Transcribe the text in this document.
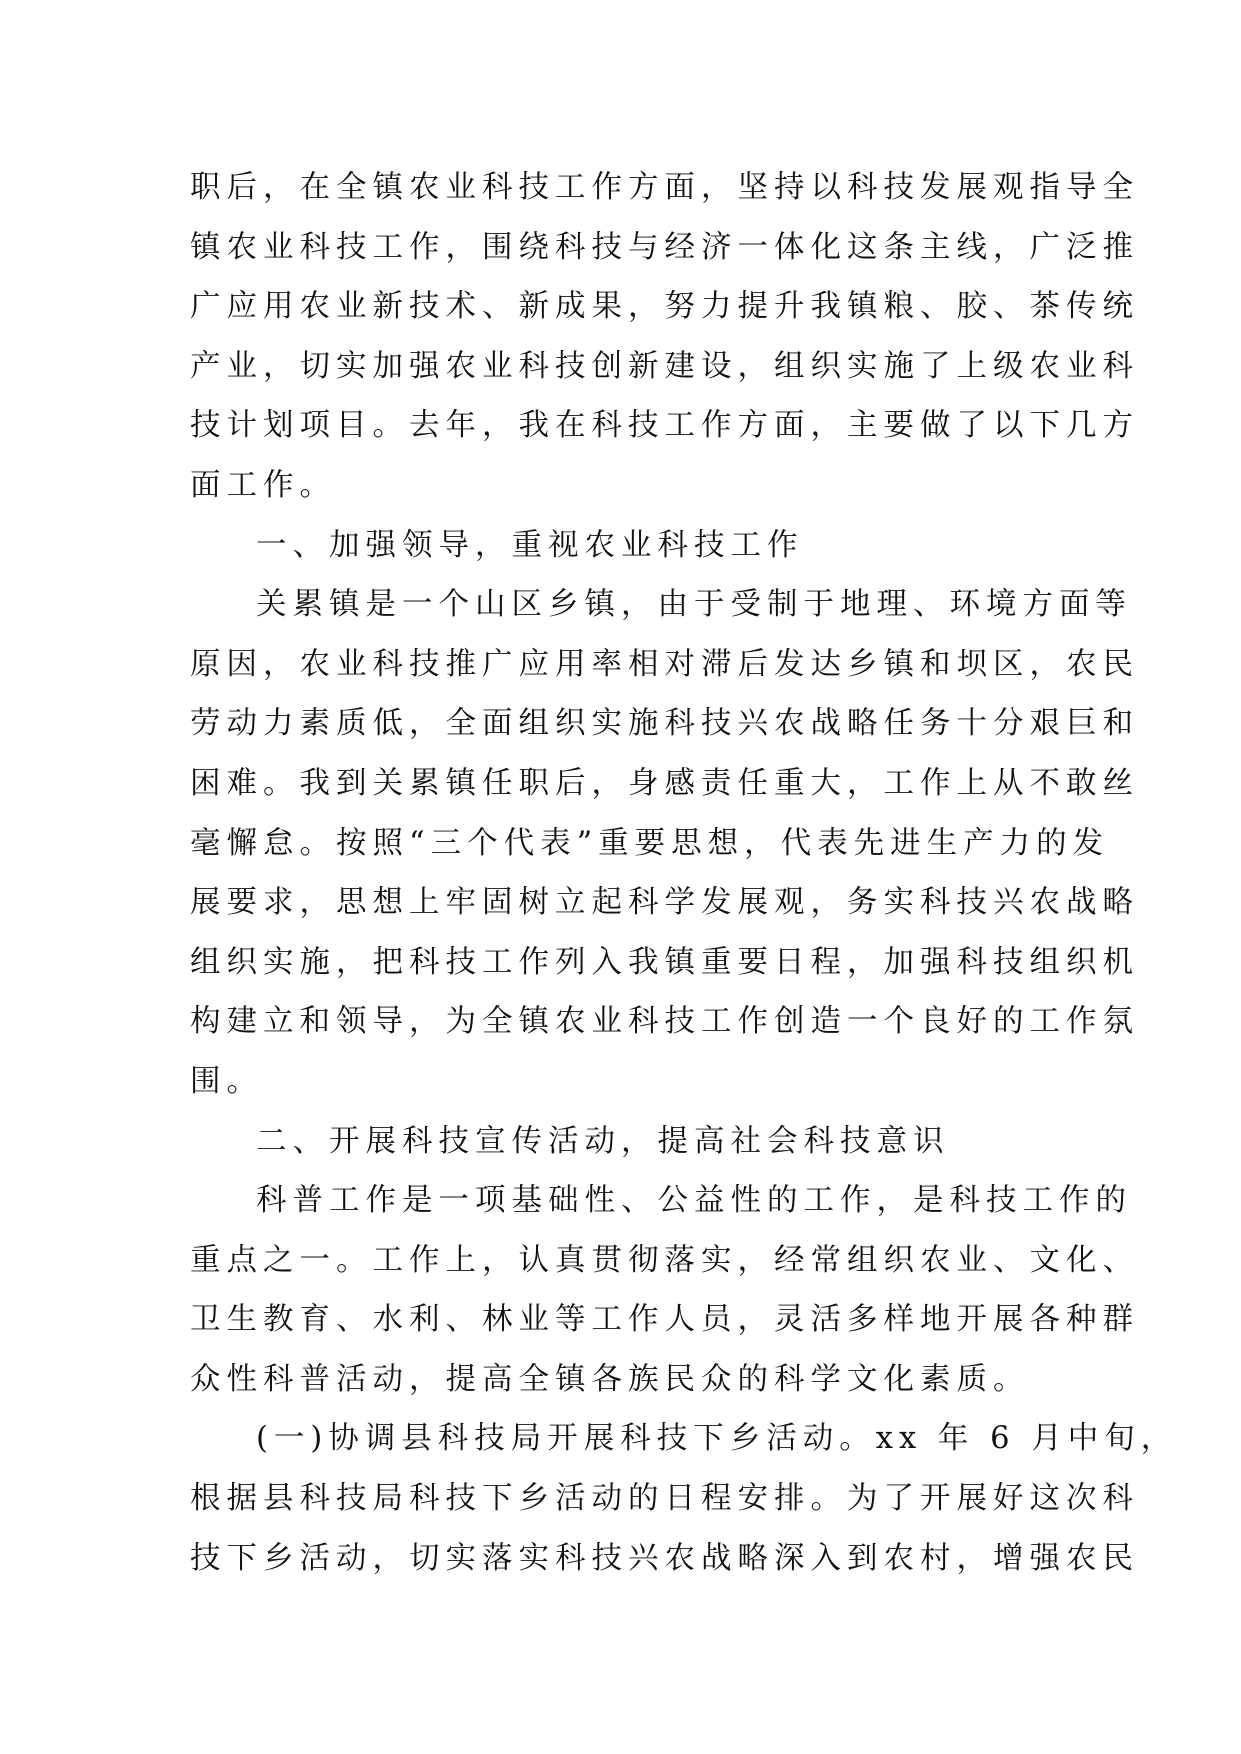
职后，在全镇农业科技工作方面，坚持以科技发展观指导全
镇农业科技工作，围绕科技与经济一体化这条主线，广泛推
广应用农业新技术、新成果，努力提升我镇粮、胶、茶传统
产业，切实加强农业科技创新建设，组织实施了上级农业科
技计划项目。去年，我在科技工作方面，主要做了以下几方
面工作。
一、加强领导，重视农业科技工作
关累镇是一个山区乡镇，由于受制于地理、环境方面等
原因，农业科技推广应用率相对滞后发达乡镇和坝区，农民
劳动力素质低，全面组织实施科技兴农战略任务十分艰巨和
困难。我到关累镇任职后，身感责任重大，工作上从不敢丝
毫懈怠。按照“三个代表”重要思想，代表先进生产力的发
展要求，思想上牢固树立起科学发展观，务实科技兴农战略
组织实施，把科技工作列入我镇重要日程，加强科技组织机
构建立和领导，为全镇农业科技工作创造一个良好的工作氛
围。
二、开展科技宣传活动，提高社会科技意识
科普工作是一项基础性、公益性的工作，是科技工作的
重点之一。工作上，认真贯彻落实，经常组织农业、文化、
卫生教育、水利、林业等工作人员，灵活多样地开展各种群
众性科普活动，提高全镇各族民众的科学文化素质。
(一)协调县科技局开展科技下乡活动。xx 年 6 月中旬，
根据县科技局科技下乡活动的日程安排。为了开展好这次科
技下乡活动，切实落实科技兴农战略深入到农村，增强农民
